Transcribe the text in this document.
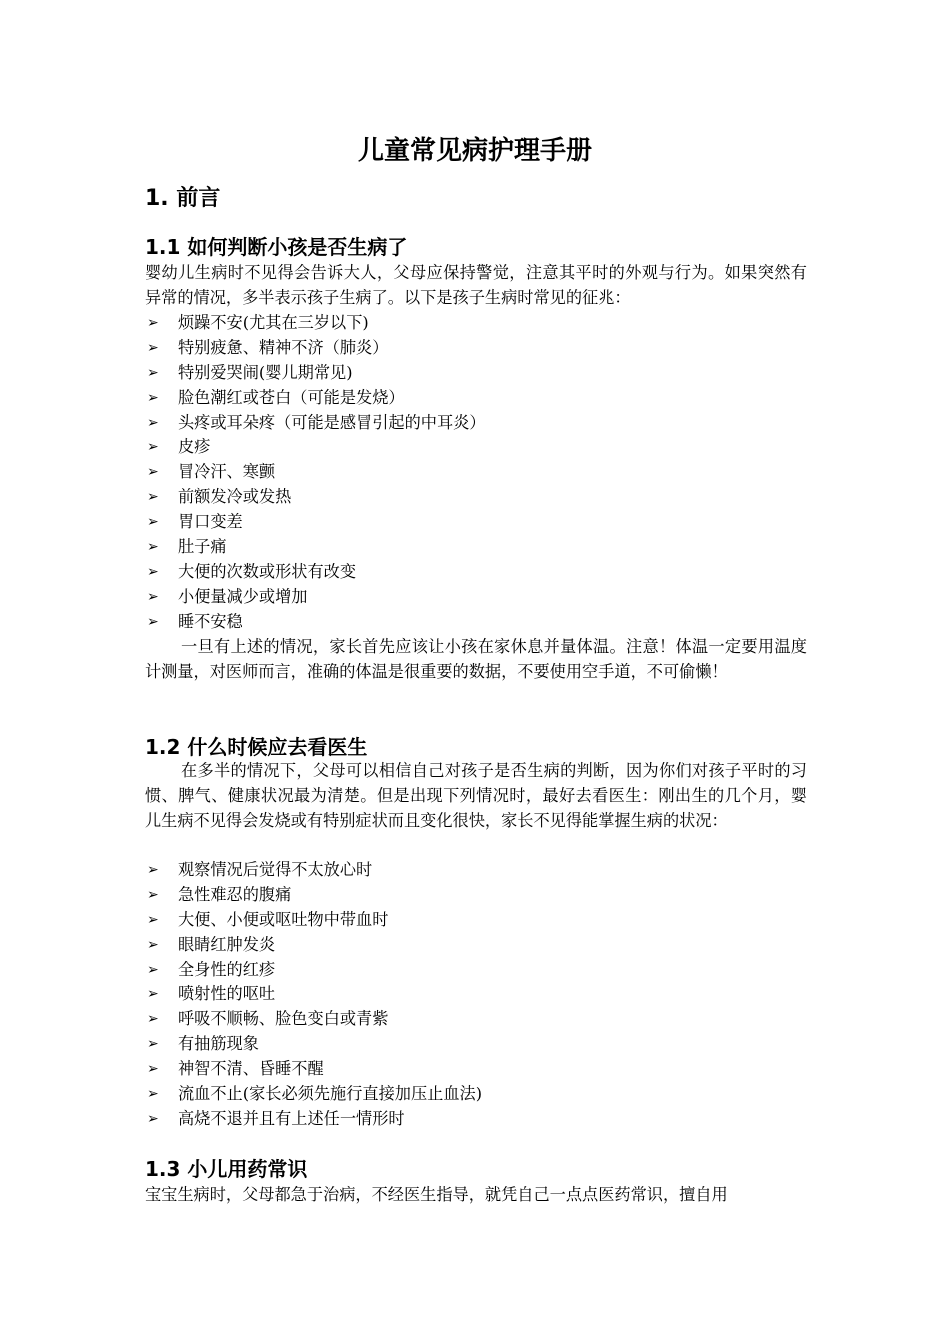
儿童常见病护理手册
1. 前言
1.1 如何判断小孩是否生病了

婴幼儿生病时不见得会告诉大人，父母应保持警觉，注意其平时的外观与行为。如果突然有异常的情况，多半表示孩子生病了。以下是孩子生病时常见的征兆：

➢ 烦躁不安(尤其在三岁以下)
➢ 特别疲惫、精神不济（肺炎）
➢ 特别爱哭闹(婴儿期常见)
➢ 脸色潮红或苍白（可能是发烧）
➢ 头疼或耳朵疼（可能是感冒引起的中耳炎）
➢ 皮疹
➢ 冒冷汗、寒颤
➢ 前额发冷或发热
➢ 胃口变差
➢ 肚子痛
➢ 大便的次数或形状有改变
➢ 小便量减少或增加
➢ 睡不安稳

一旦有上述的情况，家长首先应该让小孩在家休息并量体温。注意！体温一定要用温度计测量，对医师而言，准确的体温是很重要的数据，不要使用空手道，不可偷懒！

1.2 什么时候应去看医生

在多半的情况下，父母可以相信自己对孩子是否生病的判断，因为你们对孩子平时的习惯、脾气、健康状况最为清楚。但是出现下列情况时，最好去看医生：刚出生的几个月，婴儿生病不见得会发烧或有特别症状而且变化很快，家长不见得能掌握生病的状况：

➢ 观察情况后觉得不太放心时
➢ 急性难忍的腹痛
➢ 大便、小便或呕吐物中带血时
➢ 眼睛红肿发炎
➢ 全身性的红疹
➢ 喷射性的呕吐
➢ 呼吸不顺畅、脸色变白或青紫
➢ 有抽筋现象
➢ 神智不清、昏睡不醒
➢ 流血不止(家长必须先施行直接加压止血法)
➢ 高烧不退并且有上述任一情形时
1.3 小儿用药常识

宝宝生病时，父母都急于治病，不经医生指导，就凭自己一点点医药常识，擅自用
